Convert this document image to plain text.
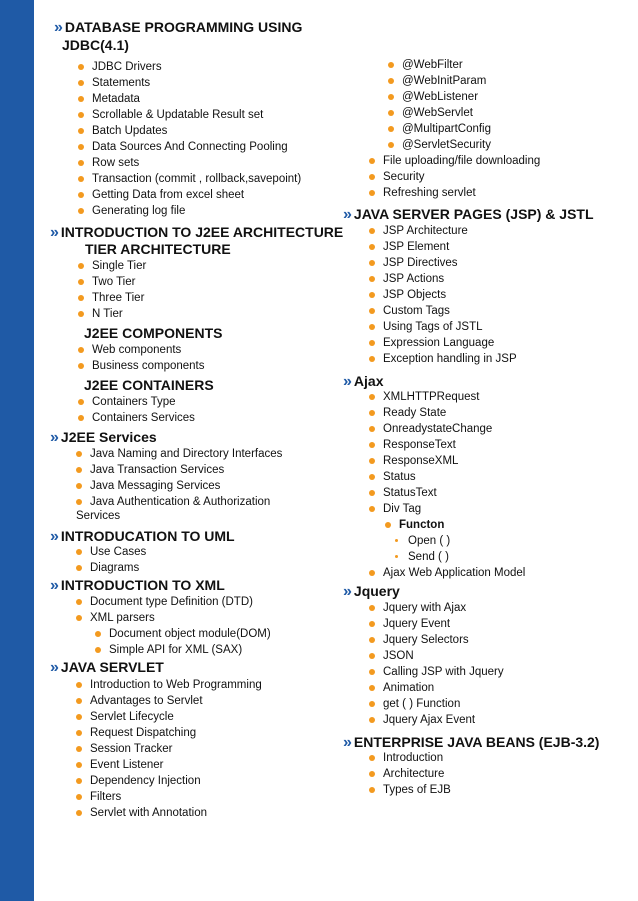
» DATABASE PROGRAMMING USING
JDBC(4.1)
JDBC Drivers
Statements
Metadata
Scrollable & Updatable Result set
Batch Updates
Data Sources And Connecting Pooling
Row sets
Transaction (commit , rollback,savepoint)
Getting Data from excel sheet
Generating log file
» INTRODUCTION TO J2EE ARCHITECTURE
TIER ARCHITECTURE
Single Tier
Two Tier
Three Tier
N Tier
J2EE COMPONENTS
Web components
Business components
J2EE CONTAINERS
Containers Type
Containers Services
» J2EE Services
Java Naming and Directory Interfaces
Java Transaction Services
Java Messaging Services
Java Authentication & Authorization
Services
» INTRODUCATION TO UML
Use Cases
Diagrams
» INTRODUCTION TO XML
Document type Definition (DTD)
XML parsers
Document object module(DOM)
Simple API for XML (SAX)
» JAVA SERVLET
Introduction to Web Programming
Advantages to Servlet
Servlet Lifecycle
Request Dispatching
Session Tracker
Event Listener
Dependency Injection
Filters
Servlet with Annotation
@WebFilter
@WebInitParam
@WebListener
@WebServlet
@MultipartConfig
@ServletSecurity
File uploading/file downloading
Security
Refreshing servlet
» JAVA SERVER PAGES (JSP) & JSTL
JSP Architecture
JSP Element
JSP Directives
JSP Actions
JSP Objects
Custom Tags
Using Tags of JSTL
Expression Language
Exception handling in JSP
» Ajax
XMLHTTPRequest
Ready State
OnreadystateChange
ResponseText
ResponseXML
Status
StatusText
Div Tag
Functon
Open ( )
Send ( )
Ajax Web Application Model
» Jquery
Jquery with Ajax
Jquery Event
Jquery Selectors
JSON
Calling JSP with Jquery
Animation
get ( ) Function
Jquery Ajax Event
» ENTERPRISE JAVA BEANS (EJB-3.2)
Introduction
Architecture
Types of EJB
